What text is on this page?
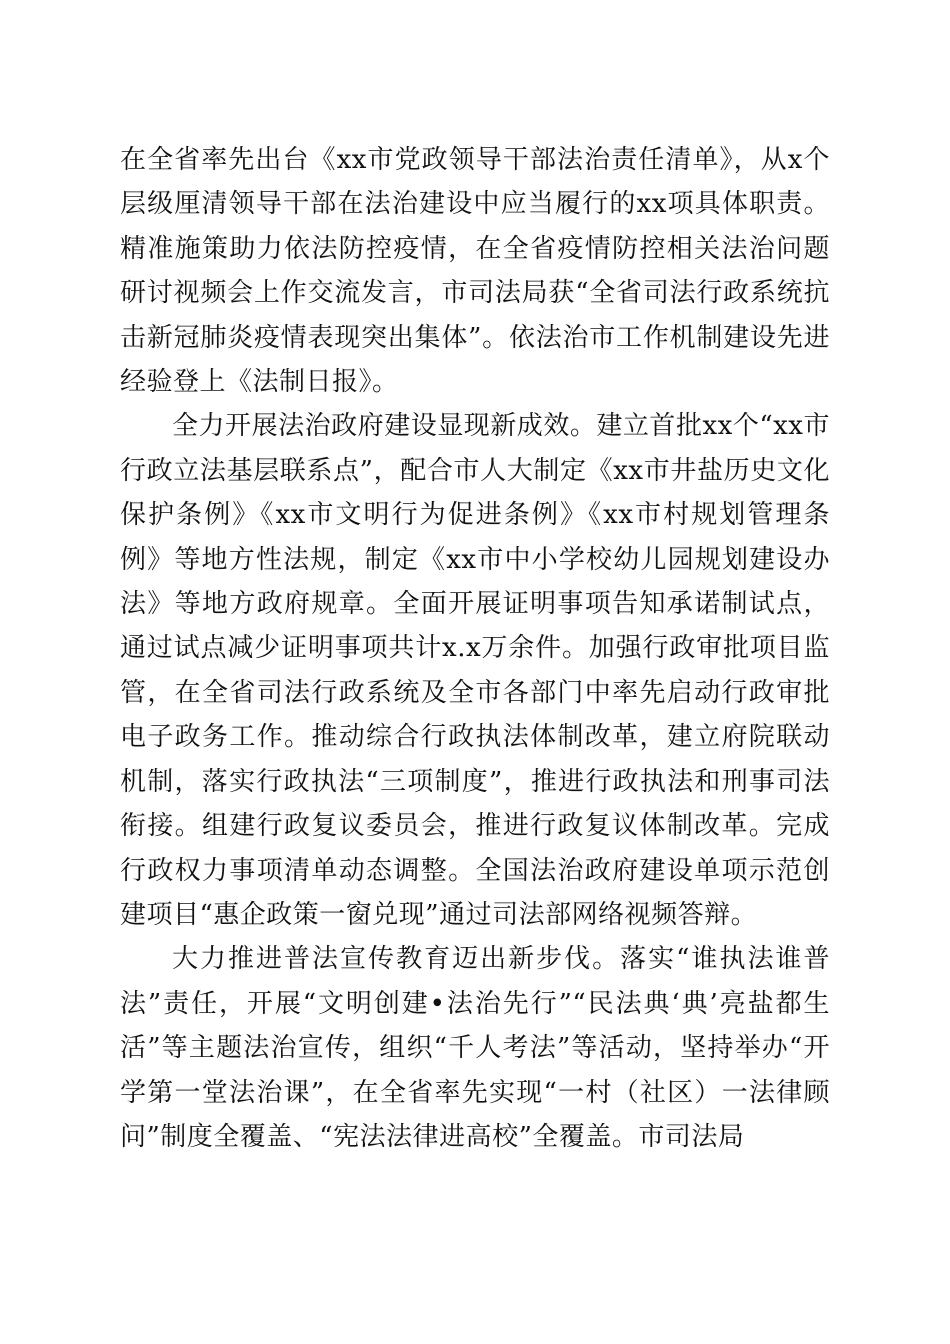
在全省率先出台《xx市党政领导干部法治责任清单》，从x个层级厘清领导干部在法治建设中应当履行的xx项具体职责。精准施策助力依法防控疫情，在全省疫情防控相关法治问题研讨视频会上作交流发言，市司法局获“全省司法行政系统抗击新冠肺炎疫情表现突出集体”。依法治市工作机制建设先进经验登上《法制日报》。

全力开展法治政府建设显现新成效。建立首批xx个“xx市行政立法基层联系点”，配合市人大制定《xx市井盐历史文化保护条例》《xx市文明行为促进条例》《xx市村规划管理条例》等地方性法规，制定《xx市中小学校幼儿园规划建设办法》等地方政府规章。全面开展证明事项告知承诺制试点，通过试点减少证明事项共计x.x万余件。加强行政审批项目监管，在全省司法行政系统及全市各部门中率先启动行政审批电子政务工作。推动综合行政执法体制改革，建立府院联动机制，落实行政执法“三项制度”，推进行政执法和刑事司法衔接。组建行政复议委员会，推进行政复议体制改革。完成行政权力事项清单动态调整。全国法治政府建设单项示范创建项目“惠企政策一窗兑现”通过司法部网络视频答辩。

大力推进普法宣传教育迈出新步伐。落实“谁执法谁普法”责任，开展“文明创建•法治先行”“民法典‘典’亮盐都生活”等主题法治宣传，组织“千人考法”等活动，坚持举办“开学第一堂法治课”，在全省率先实现“一村（社区）一法律顾问”制度全覆盖、“宪法法律进高校”全覆盖。市司法局
